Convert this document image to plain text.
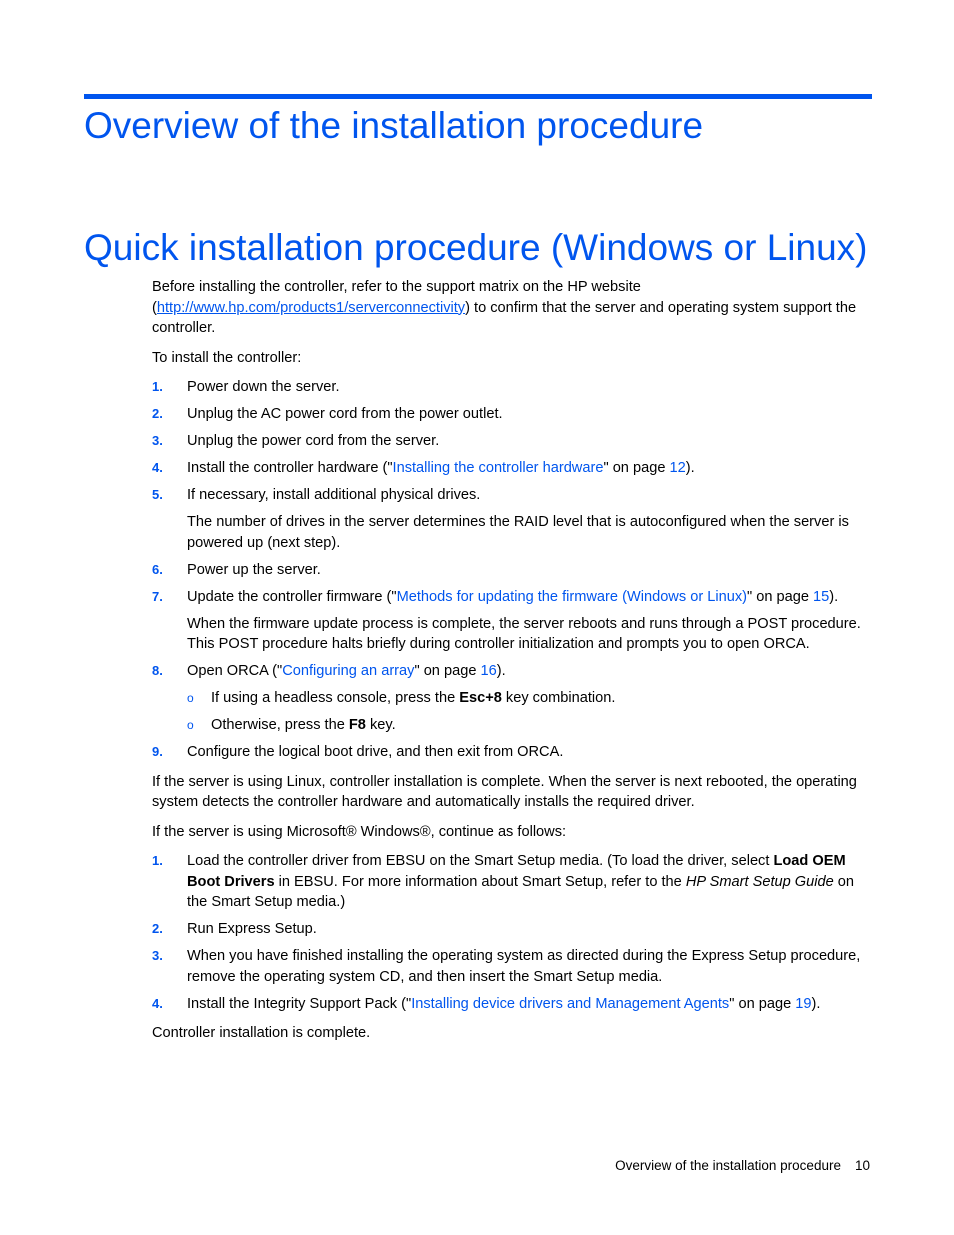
Overview of the installation procedure
Quick installation procedure (Windows or Linux)

Before installing the controller, refer to the support matrix on the HP website (http://www.hp.com/products1/serverconnectivity) to confirm that the server and operating system support the controller.

To install the controller:

1. Power down the server.
2. Unplug the AC power cord from the power outlet.
3. Unplug the power cord from the server.
4. Install the controller hardware ("Installing the controller hardware" on page 12).
5. If necessary, install additional physical drives.

The number of drives in the server determines the RAID level that is autoconfigured when the server is powered up (next step).

6. Power up the server.
7. Update the controller firmware ("Methods for updating the firmware (Windows or Linux)" on page 15).

When the firmware update process is complete, the server reboots and runs through a POST procedure. This POST procedure halts briefly during controller initialization and prompts you to open ORCA.

8. Open ORCA ("Configuring an array" on page 16).
o If using a headless console, press the Esc+8 key combination.
o Otherwise, press the F8 key.
9. Configure the logical boot drive, and then exit from ORCA.

If the server is using Linux, controller installation is complete. When the server is next rebooted, the operating system detects the controller hardware and automatically installs the required driver.

If the server is using Microsoft® Windows®, continue as follows:

1. Load the controller driver from EBSU on the Smart Setup media. (To load the driver, select Load OEM Boot Drivers in EBSU. For more information about Smart Setup, refer to the HP Smart Setup Guide on the Smart Setup media.)
2. Run Express Setup.
3. When you have finished installing the operating system as directed during the Express Setup procedure, remove the operating system CD, and then insert the Smart Setup media.
4. Install the Integrity Support Pack ("Installing device drivers and Management Agents" on page 19).

Controller installation is complete.

Overview of the installation procedure 10
